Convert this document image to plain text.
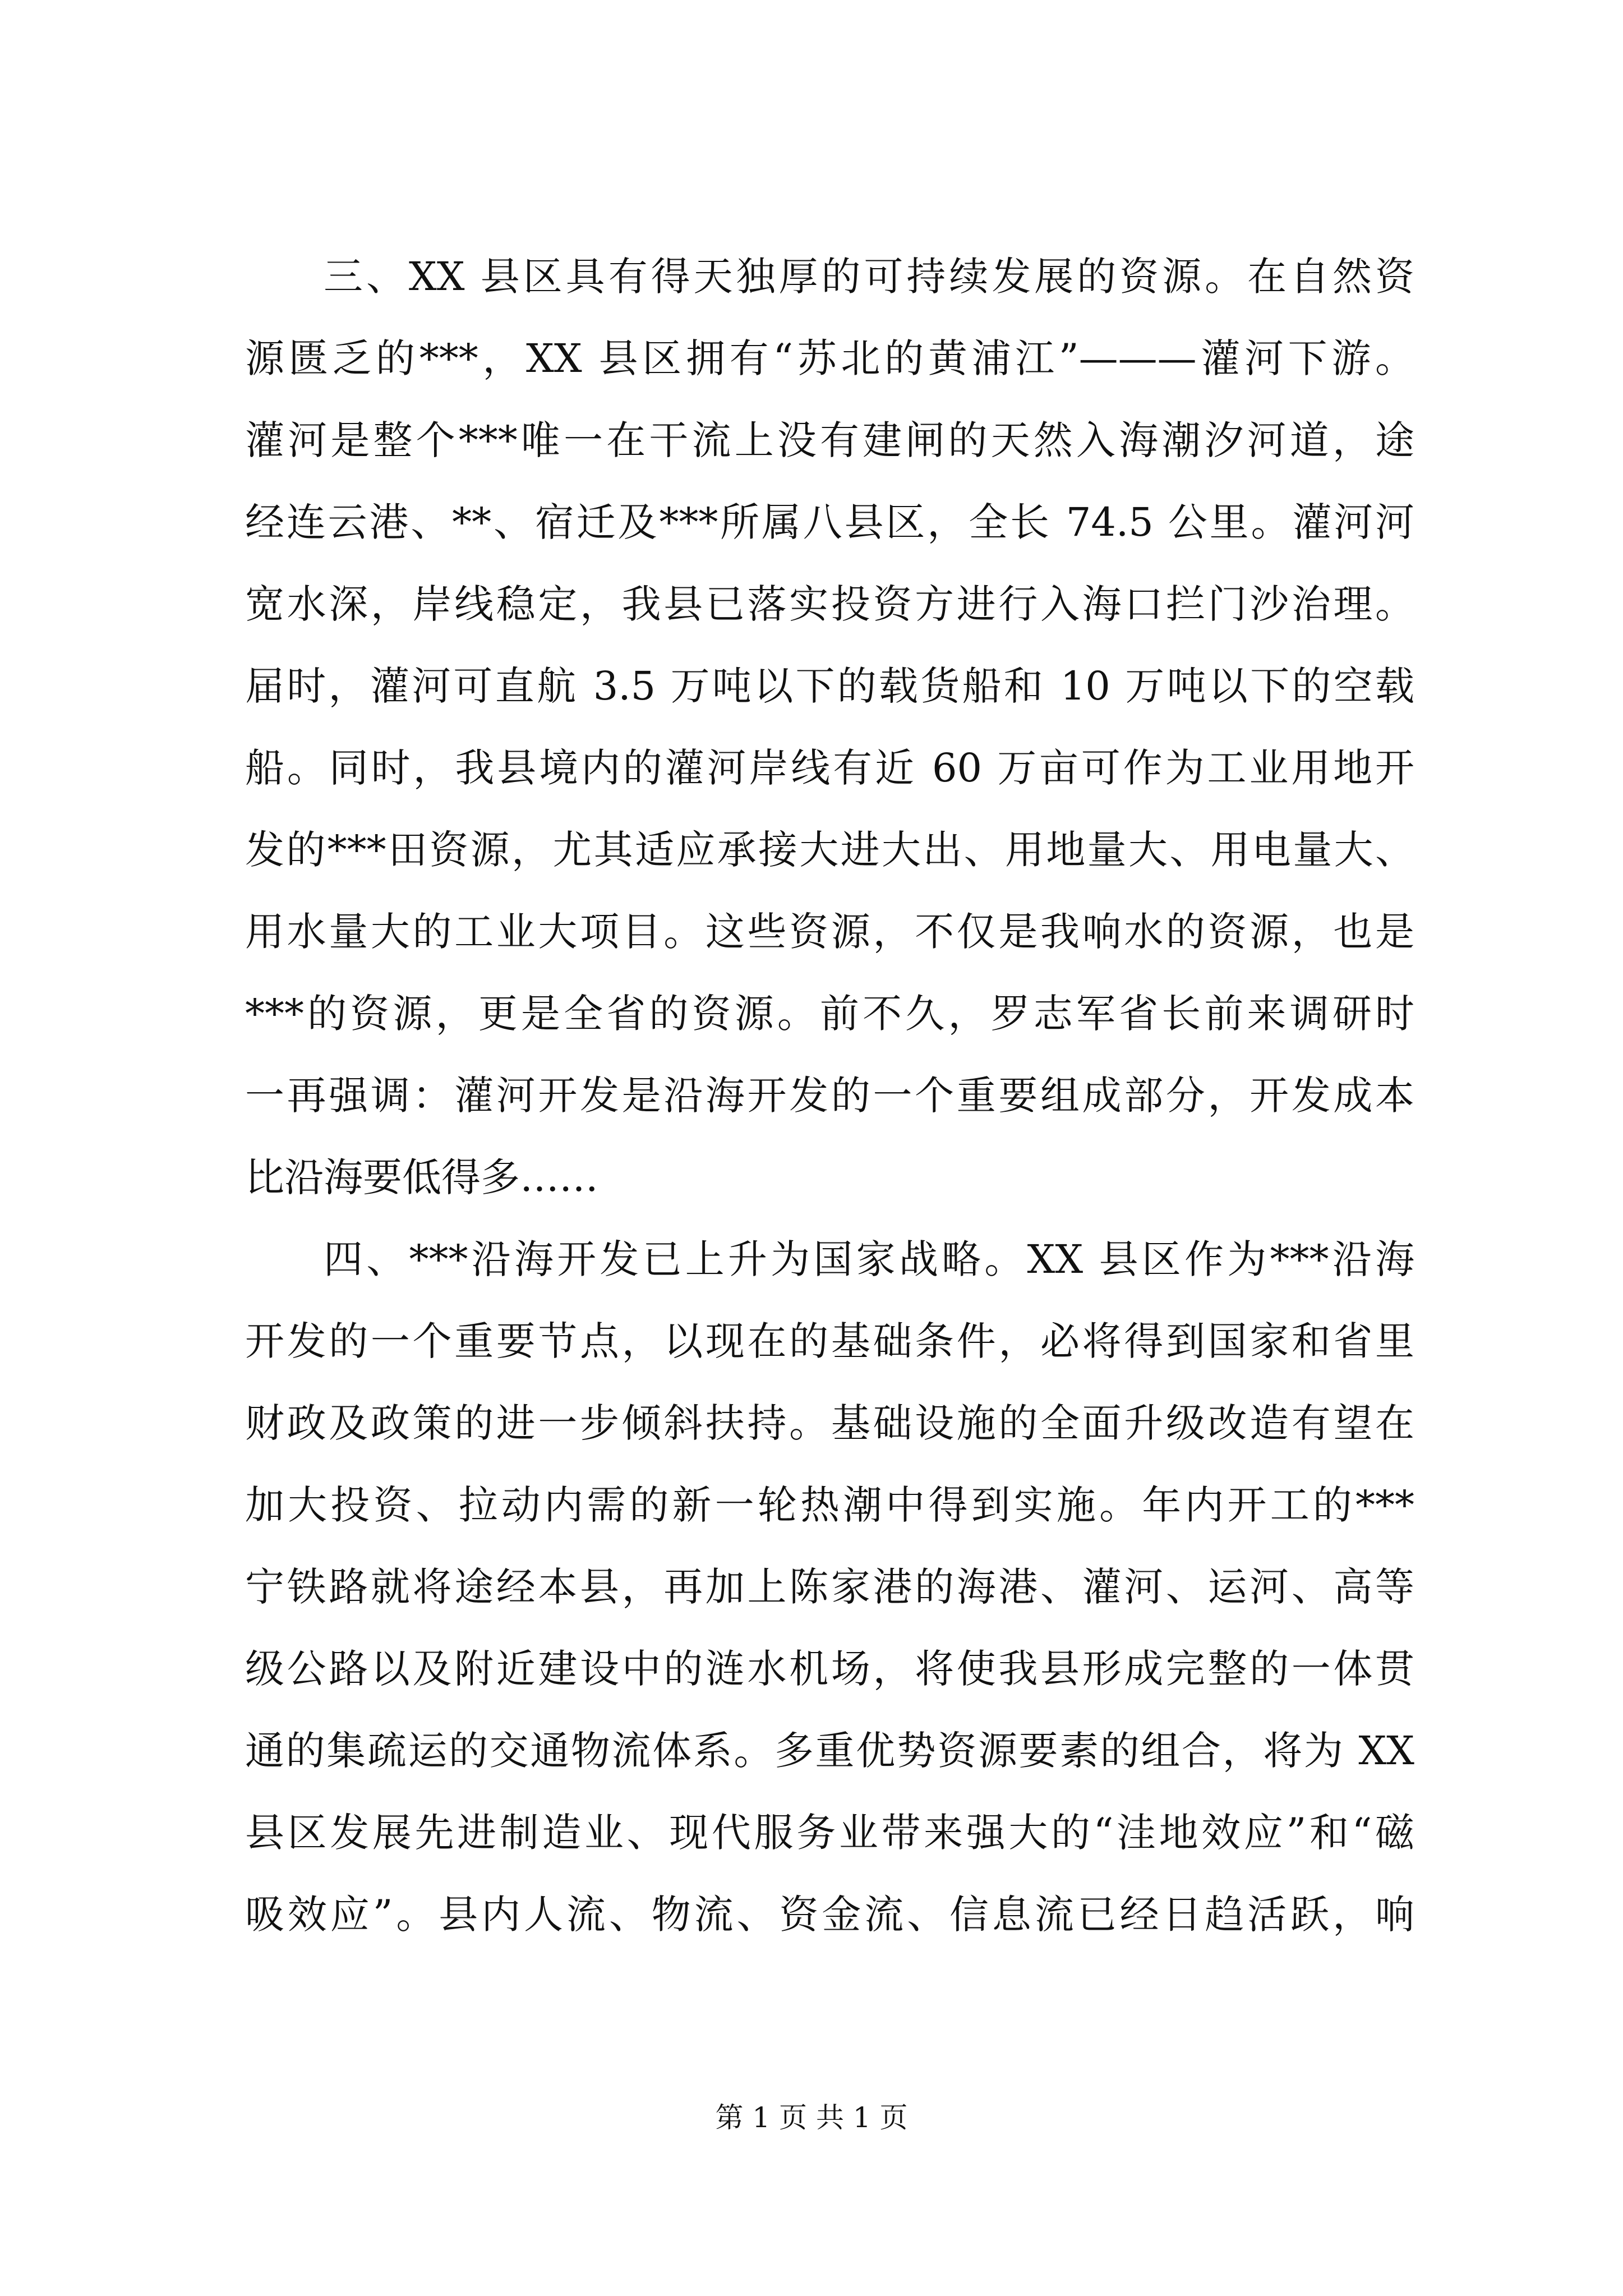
三、XX 县区具有得天独厚的可持续发展的资源。在自然资
源匮乏的***，XX 县区拥有“苏北的黄浦江”———灌河下游。
灌河是整个***唯一在干流上没有建闸的天然入海潮汐河道，途
经连云港、**、宿迁及***所属八县区，全长 74.5 公里。灌河河
宽水深，岸线稳定，我县已落实投资方进行入海口拦门沙治理。
届时，灌河可直航 3.5 万吨以下的载货船和 10 万吨以下的空载
船。同时，我县境内的灌河岸线有近 60 万亩可作为工业用地开
发的***田资源，尤其适应承接大进大出、用地量大、用电量大、
用水量大的工业大项目。这些资源，不仅是我响水的资源，也是
***的资源，更是全省的资源。前不久，罗志军省长前来调研时
一再强调：灌河开发是沿海开发的一个重要组成部分，开发成本
比沿海要低得多……
四、***沿海开发已上升为国家战略。XX 县区作为***沿海
开发的一个重要节点，以现在的基础条件，必将得到国家和省里
财政及政策的进一步倾斜扶持。基础设施的全面升级改造有望在
加大投资、拉动内需的新一轮热潮中得到实施。年内开工的***
宁铁路就将途经本县，再加上陈家港的海港、灌河、运河、高等
级公路以及附近建设中的涟水机场，将使我县形成完整的一体贯
通的集疏运的交通物流体系。多重优势资源要素的组合，将为 XX
县区发展先进制造业、现代服务业带来强大的“洼地效应”和“磁
吸效应”。县内人流、物流、资金流、信息流已经日趋活跃，响
第 1 页 共 1 页
